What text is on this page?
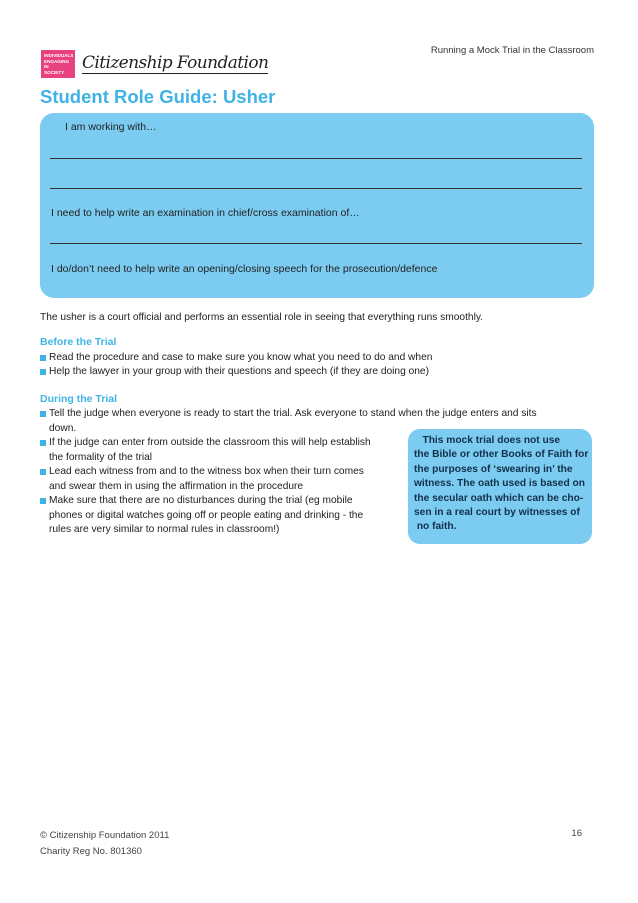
Running a Mock Trial in the Classroom
INDIVIDUALS
ENGAGING IN
SOCIETY	Citizenship Foundation
Student Role Guide: Usher
I am working with…
I need to help write an examination in chief/cross examination of…
I do/don’t need to help write an opening/closing speech for the prosecution/defence
The usher is a court official and performs an essential role in seeing that everything runs smoothly.
Before the Trial
Read the procedure and case to make sure you know what you need to do and when
Help the lawyer in your group with their questions and speech (if they are doing one)
During the Trial
Tell the judge when everyone is ready to start the trial. Ask everyone to stand when the judge enters and sits
down.
If the judge can enter from outside the classroom this will help establish
the formality of the trial
Lead each witness from and to the witness box when their turn comes
and swear them in using the affirmation in the procedure
Make sure that there are no disturbances during the trial (eg mobile
phones or digital watches going off or people eating and drinking - the
rules are very similar to normal rules in classroom!)
This mock trial does not use
the Bible or other Books of Faith for
the purposes of ‘swearing in’ the
witness. The oath used is based on
the secular oath which can be cho-
sen in a real court by witnesses of
no faith.
© Citizenship Foundation 2011
Charity Reg No. 801360
16
